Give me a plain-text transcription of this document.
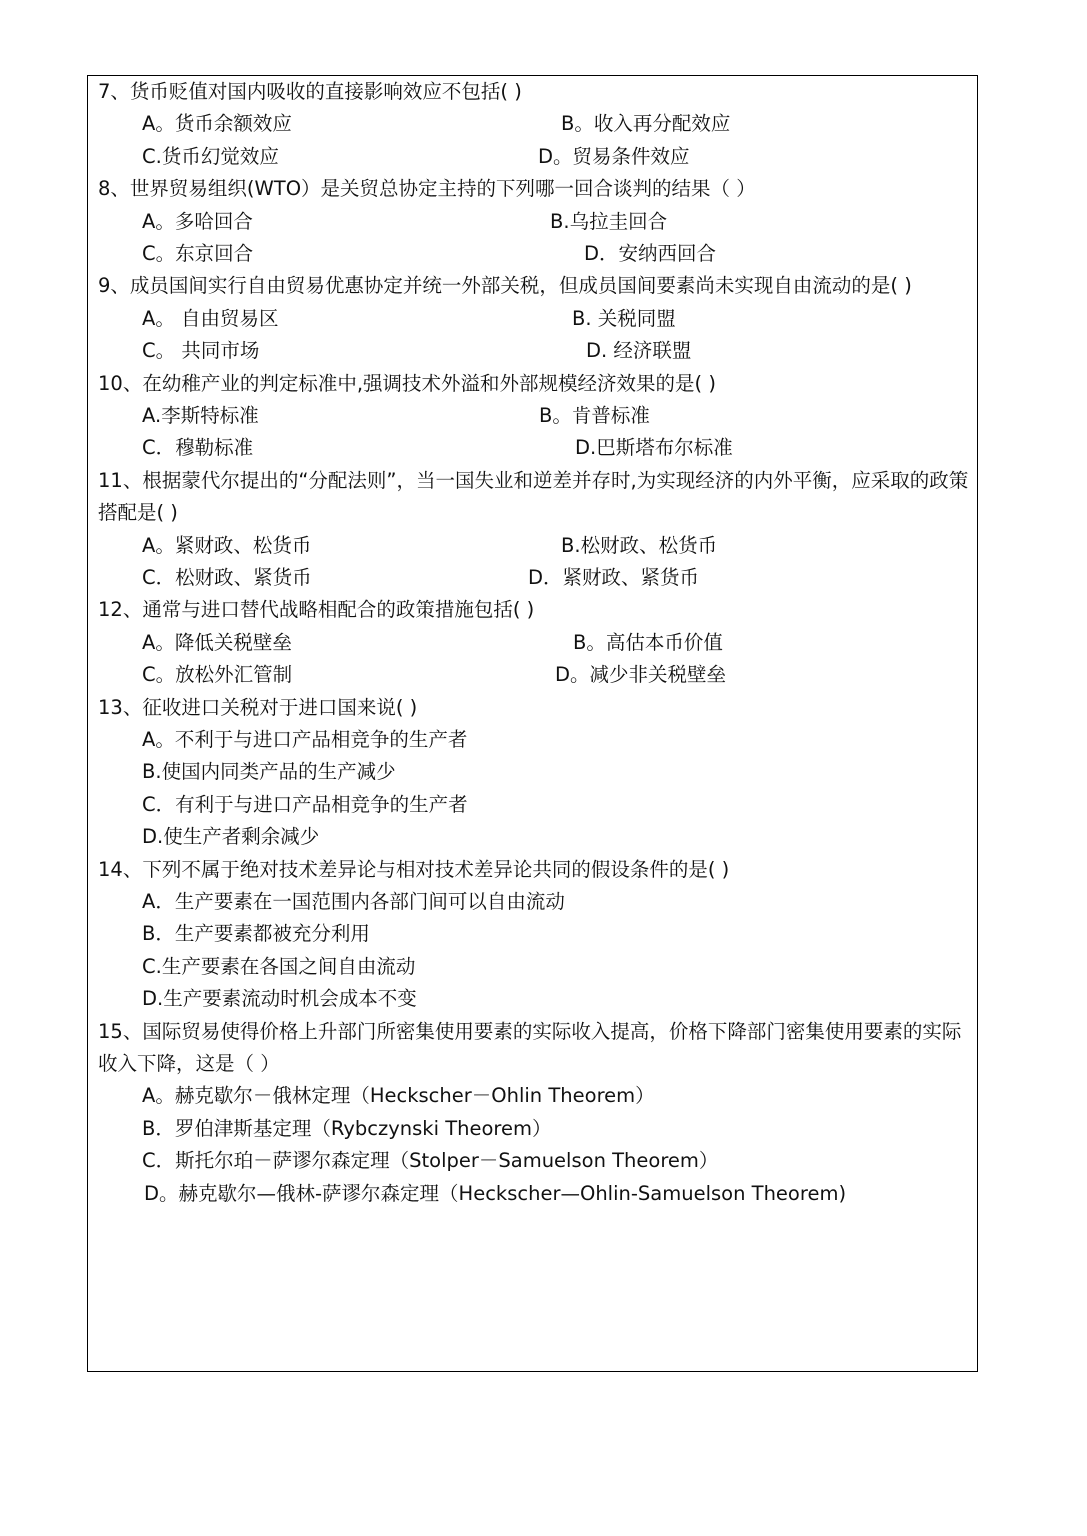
7、货币贬值对国内吸收的直接影响效应不包括( )
A。货币余额效应	B。收入再分配效应
C.货币幻觉效应	D。贸易条件效应
8、世界贸易组织(WTO）是关贸总协定主持的下列哪一回合谈判的结果（ ）
A。多哈回合	B.乌拉圭回合
C。东京回合	D．安纳西回合
9、成员国间实行自由贸易优惠协定并统一外部关税，但成员国间要素尚未实现自由流动的是( )
A。 自由贸易区	B. 关税同盟
C。 共同市场	D. 经济联盟
10、在幼稚产业的判定标准中,强调技术外溢和外部规模经济效果的是( )
A.李斯特标准	B。肯普标准
C．穆勒标准	D.巴斯塔布尔标准
11、根据蒙代尔提出的“分配法则”，当一国失业和逆差并存时,为实现经济的内外平衡，应采取的政策搭配是( )
A。紧财政、松货币	B.松财政、松货币
C．松财政、紧货币	D．紧财政、紧货币
12、通常与进口替代战略相配合的政策措施包括( )
A。降低关税壁垒	B。高估本币价值
C。放松外汇管制	D。减少非关税壁垒
13、征收进口关税对于进口国来说( )
A。不利于与进口产品相竞争的生产者
B.使国内同类产品的生产减少
C．有利于与进口产品相竞争的生产者
D.使生产者剩余减少
14、下列不属于绝对技术差异论与相对技术差异论共同的假设条件的是( )
A．生产要素在一国范围内各部门间可以自由流动
B．生产要素都被充分利用
C.生产要素在各国之间自由流动
D.生产要素流动时机会成本不变
15、国际贸易使得价格上升部门所密集使用要素的实际收入提高，价格下降部门密集使用要素的实际收入下降，这是（ ）
A。赫克歇尔－俄林定理（Heckscher－Ohlin Theorem）
B．罗伯津斯基定理（Rybczynski Theorem）
C．斯托尔珀－萨谬尔森定理（Stolper－Samuelson Theorem）
D。赫克歇尔—俄林-萨谬尔森定理（Heckscher—Ohlin-Samuelson Theorem)
